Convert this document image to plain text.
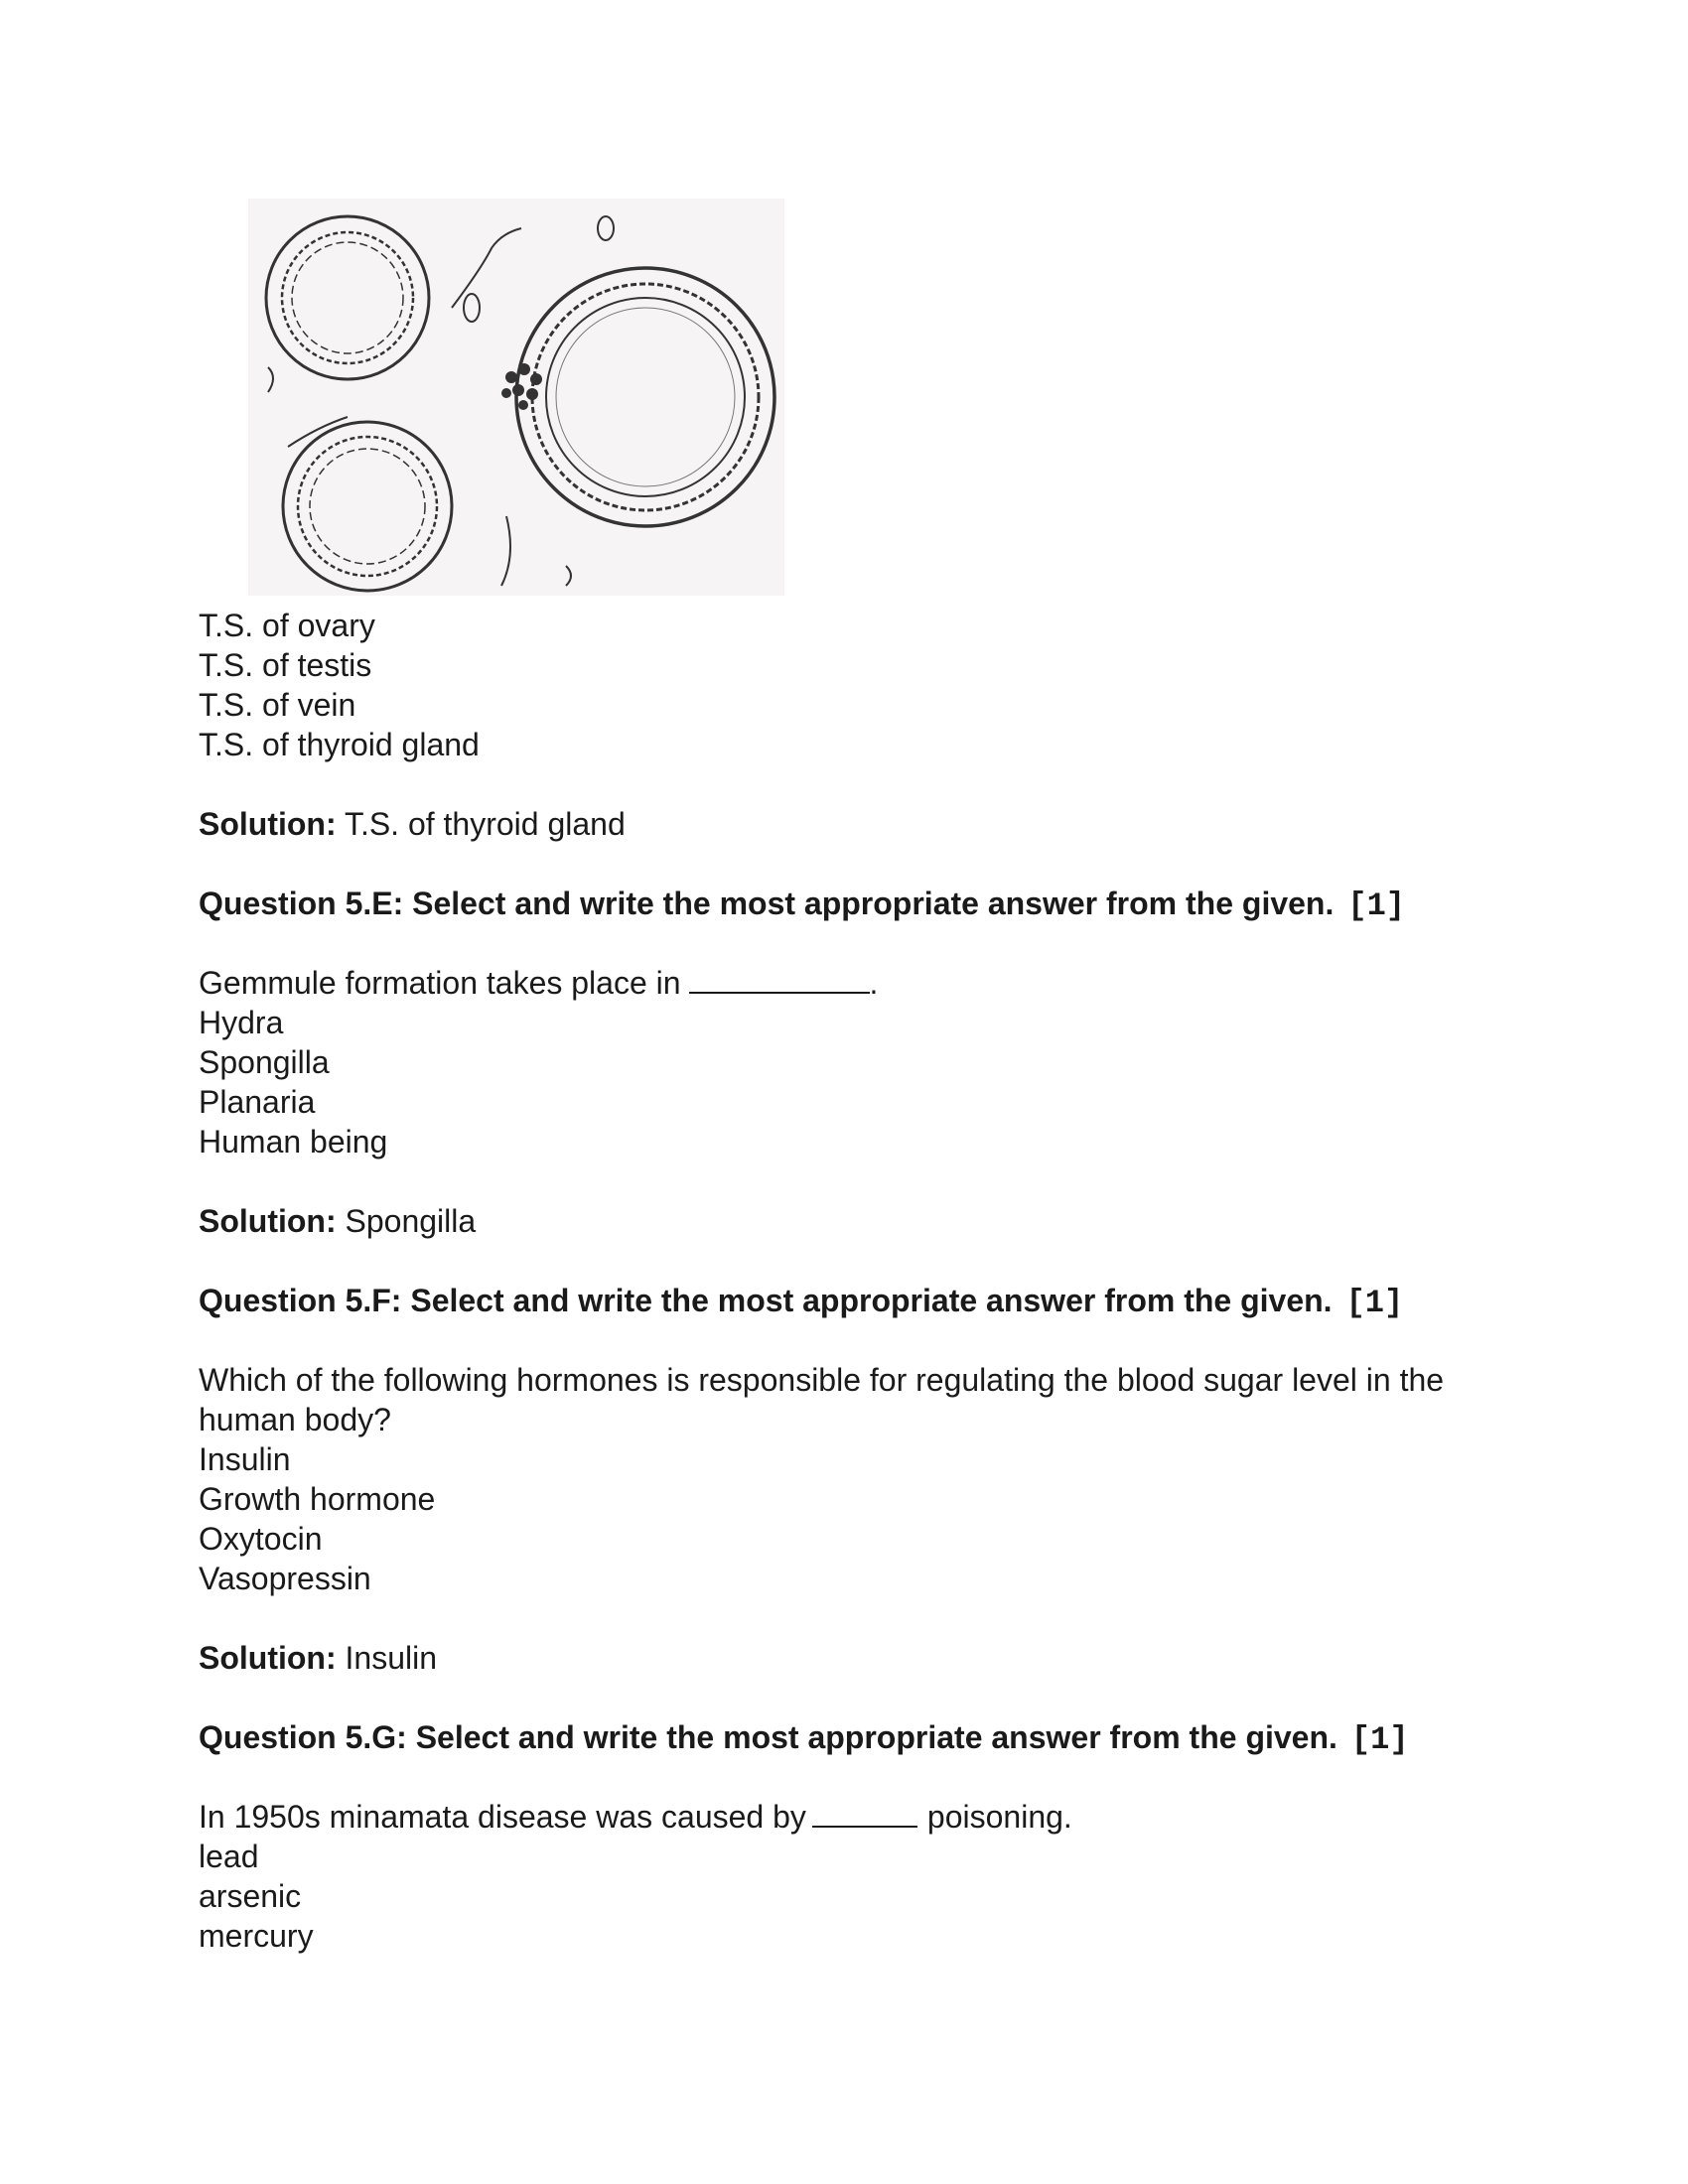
T.S. of ovary
T.S. of testis
T.S. of vein
T.S. of thyroid gland
Solution: T.S. of thyroid gland
Question 5.E: Select and write the most appropriate answer from the given. [1]
Gemmule formation takes place in	.
Hydra
Spongilla
Planaria
Human being
Solution: Spongilla
Question 5.F: Select and write the most appropriate answer from the given. [1]
Which of the following hormones is responsible for regulating the blood sugar level in the human body?
Insulin
Growth hormone
Oxytocin
Vasopressin
Solution: Insulin
Question 5.G: Select and write the most appropriate answer from the given. [1]
In 1950s minamata disease was caused by	poisoning.
lead
arsenic
mercury
